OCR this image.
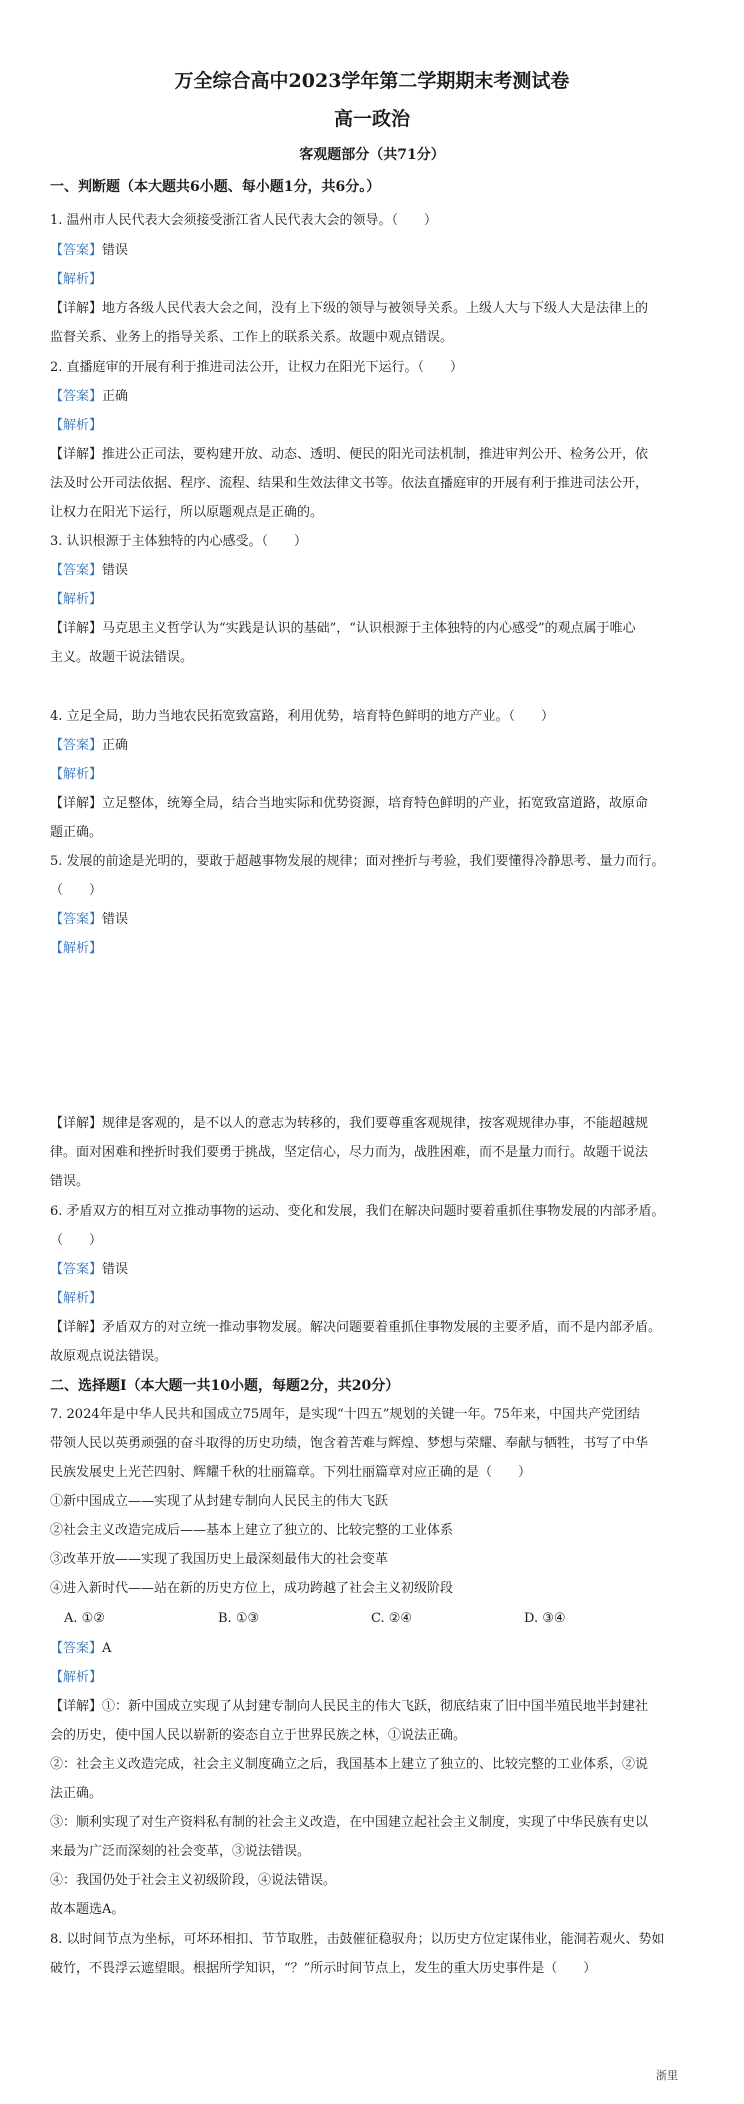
万全综合高中2023学年第二学期期末考测试卷
高一政治
客观题部分（共71分）
一、判断题（本大题共6小题、每小题1分，共6分。）
1. 温州市人民代表大会须接受浙江省人民代表大会的领导。（　　）
【答案】错误
【解析】
【详解】地方各级人民代表大会之间，没有上下级的领导与被领导关系。上级人大与下级人大是法律上的
监督关系、业务上的指导关系、工作上的联系关系。故题中观点错误。
2. 直播庭审的开展有利于推进司法公开，让权力在阳光下运行。（　　）
【答案】正确
【解析】
【详解】推进公正司法，要构建开放、动态、透明、便民的阳光司法机制，推进审判公开、检务公开，依
法及时公开司法依据、程序、流程、结果和生效法律文书等。依法直播庭审的开展有利于推进司法公开，
让权力在阳光下运行，所以原题观点是正确的。
3. 认识根源于主体独特的内心感受。（　　）
【答案】错误
【解析】
【详解】马克思主义哲学认为“实践是认识的基础”，“认识根源于主体独特的内心感受”的观点属于唯心
主义。故题干说法错误。
4. 立足全局，助力当地农民拓宽致富路，利用优势，培育特色鲜明的地方产业。（　　）
【答案】正确
【解析】
【详解】立足整体，统筹全局，结合当地实际和优势资源，培育特色鲜明的产业，拓宽致富道路，故原命
题正确。
5. 发展的前途是光明的，要敢于超越事物发展的规律；面对挫折与考验，我们要懂得冷静思考、量力而行。
（　　）
【答案】错误
【解析】
【详解】规律是客观的，是不以人的意志为转移的，我们要尊重客观规律，按客观规律办事，不能超越规
律。面对困难和挫折时我们要勇于挑战，坚定信心，尽力而为，战胜困难，而不是量力而行。故题干说法
错误。
6. 矛盾双方的相互对立推动事物的运动、变化和发展，我们在解决问题时要着重抓住事物发展的内部矛盾。
（　　）
【答案】错误
【解析】
【详解】矛盾双方的对立统一推动事物发展。解决问题要着重抓住事物发展的主要矛盾，而不是内部矛盾。
故原观点说法错误。
二、选择题Ⅰ（本大题一共10小题，每题2分，共20分）
7. 2024年是中华人民共和国成立75周年，是实现“十四五”规划的关键一年。75年来，中国共产党团结
带领人民以英勇顽强的奋斗取得的历史功绩，饱含着苦难与辉煌、梦想与荣耀、奉献与牺牲，书写了中华
民族发展史上光芒四射、辉耀千秋的壮丽篇章。下列壮丽篇章对应正确的是（　　）
①新中国成立——实现了从封建专制向人民民主的伟大飞跃
②社会主义改造完成后——基本上建立了独立的、比较完整的工业体系
③改革开放——实现了我国历史上最深刻最伟大的社会变革
④进入新时代——站在新的历史方位上，成功跨越了社会主义初级阶段
A. ①②	B. ①③	C. ②④	D. ③④
【答案】A
【解析】
【详解】①：新中国成立实现了从封建专制向人民民主的伟大飞跃，彻底结束了旧中国半殖民地半封建社
会的历史，使中国人民以崭新的姿态自立于世界民族之林，①说法正确。
②：社会主义改造完成，社会主义制度确立之后，我国基本上建立了独立的、比较完整的工业体系，②说
法正确。
③：顺利实现了对生产资料私有制的社会主义改造，在中国建立起社会主义制度，实现了中华民族有史以
来最为广泛而深刻的社会变革，③说法错误。
④：我国仍处于社会主义初级阶段，④说法错误。
故本题选A。
8. 以时间节点为坐标，可坏环相扣、节节取胜，击鼓催征稳驭舟；以历史方位定谋伟业，能洞若观火、势如
破竹，不畏浮云遮望眼。根据所学知识，“？”所示时间节点上，发生的重大历史事件是（　　）
浙里
